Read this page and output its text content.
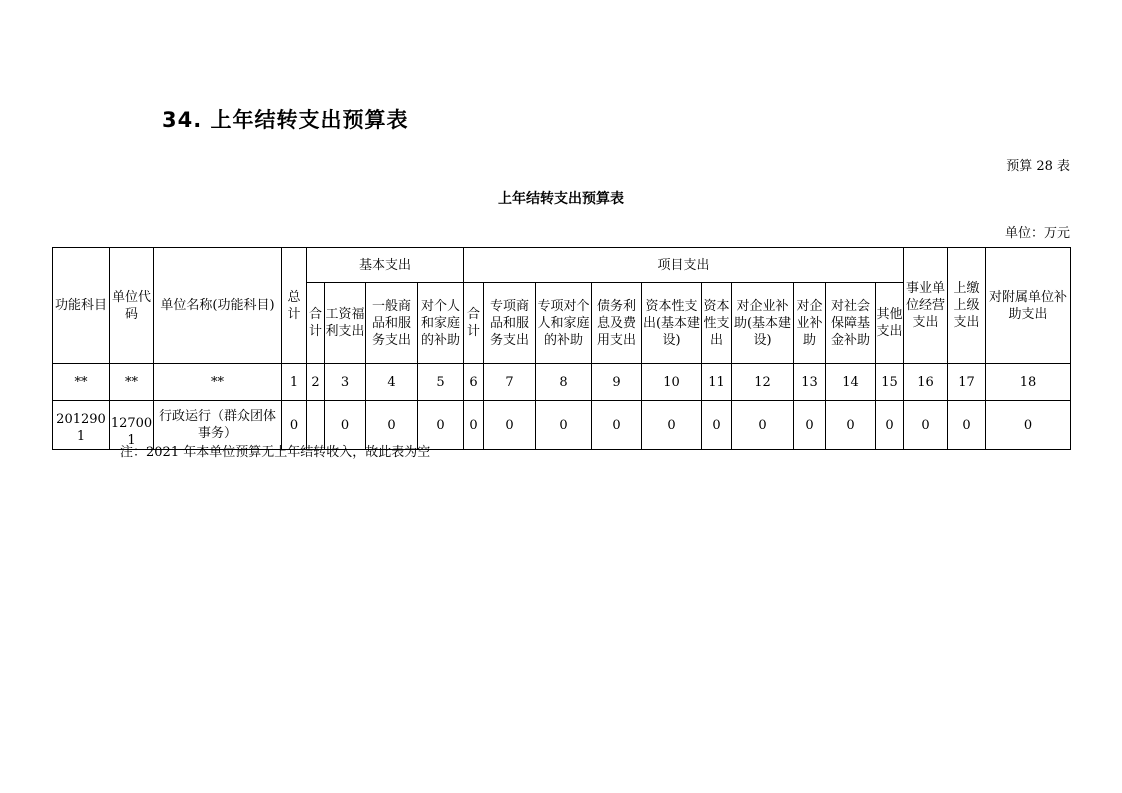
34. 上年结转支出预算表
预算 28 表
上年结转支出预算表
单位：万元
功能科目	单位代码	单位名称(功能科目)	总计	基本支出				项目支出										事业单位经营支出	上缴上级支出	对附属单位补助支出
				合计	工资福利支出	一般商品和服务支出	对个人和家庭的补助	合计	专项商品和服务支出	专项对个人和家庭的补助	债务利息及费用支出	资本性支出(基本建设)	资本性支出	对企业补助(基本建设)	对企业补助	对社会保障基金补助	其他支出			
**	**	**	1	2	3	4	5	6	7	8	9	10	11	12	13	14	15	16	17	18
2012901	127001	行政运行（群众团体事务）	0		0	0	0	0	0	0	0	0	0	0	0	0	0	0	0	0
注：2021 年本单位预算无上年结转收入，故此表为空
